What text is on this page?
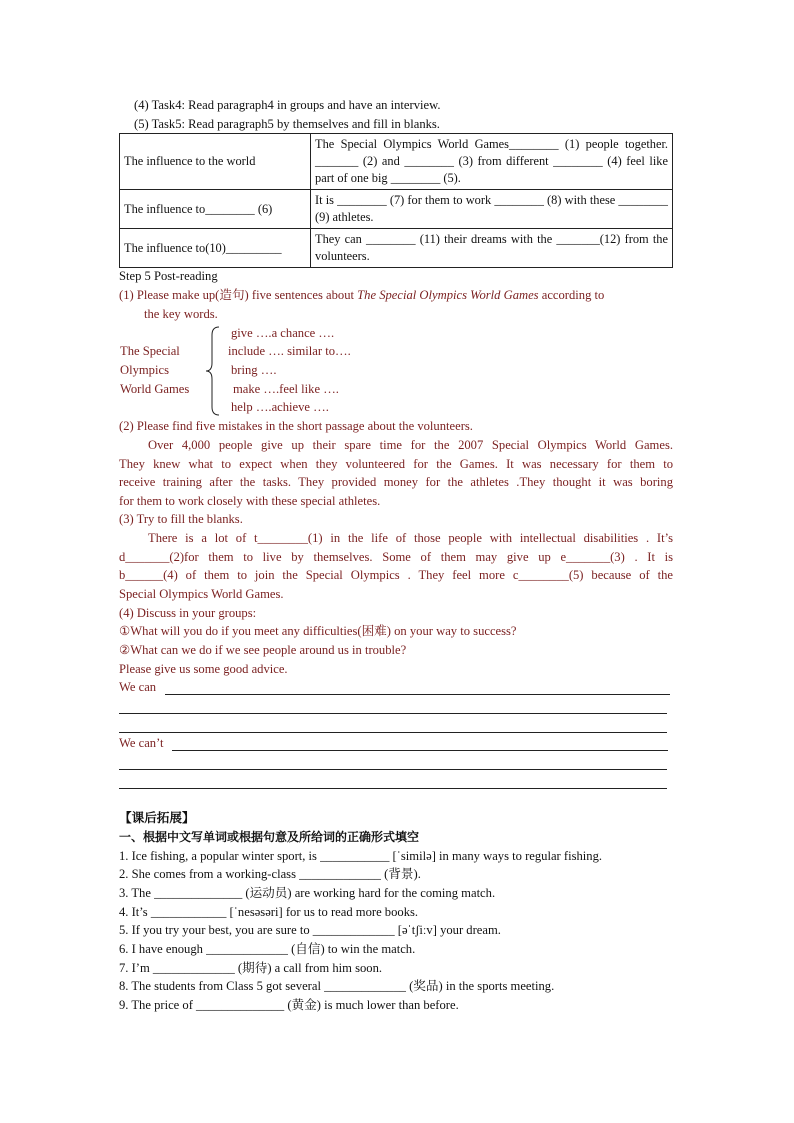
(4) Task4: Read paragraph4 in groups and have an interview.
(5) Task5: Read paragraph5 by themselves and fill in blanks.
The influence to the world	The Special Olympics World Games________ (1) people together. _______ (2) and ________ (3) from different ________ (4) feel like part of one big ________ (5).
The influence to________ (6)	It is ________ (7) for them to work ________ (8) with these ________ (9) athletes.
The influence to(10)_________	They can ________ (11) their dreams with the _______(12) from the volunteers.
Step 5 Post-reading
(1) Please make up(造句) five sentences about The Special Olympics World Games according to
the key words.
The Special
Olympics
World Games
give ….a chance ….
include …. similar to….
bring ….
make ….feel like ….
help ….achieve ….
(2) Please find five mistakes in the short passage about the volunteers.
Over 4,000 people give up their spare time for the 2007 Special Olympics World Games.
They knew what to expect when they volunteered for the Games. It was necessary for them to
receive training after the tasks. They provided money for the athletes .They thought it was boring
for them to work closely with these special athletes.
(3) Try to fill the blanks.
There is a lot of t________(1) in the life of those people with intellectual disabilities . It’s
d_______(2)for them to live by themselves. Some of them may give up e_______(3) . It is
b______(4) of them to join the Special Olympics . They feel more c________(5) because of the
Special Olympics World Games.
(4) Discuss in your groups:
①What will you do if you meet any difficulties(困难) on your way to success?
②What can we do if we see people around us in trouble?
Please give us some good advice.
We can
We can’t
【课后拓展】
一、根据中文写单词或根据句意及所给词的正确形式填空
1. Ice fishing, a popular winter sport, is ___________ [ˈsimilə] in many ways to regular fishing.
2. She comes from a working-class _____________ (背景).
3. The ______________ (运动员) are working hard for the coming match.
4. It’s ____________ [ˈnesəsəri] for us to read more books.
5. If you try your best, you are sure to _____________ [əˈtʃiːv] your dream.
6. I have enough _____________ (自信) to win the match.
7. I’m _____________ (期待) a call from him soon.
8. The students from Class 5 got several _____________ (奖品) in the sports meeting.
9. The price of ______________ (黄金) is much lower than before.
